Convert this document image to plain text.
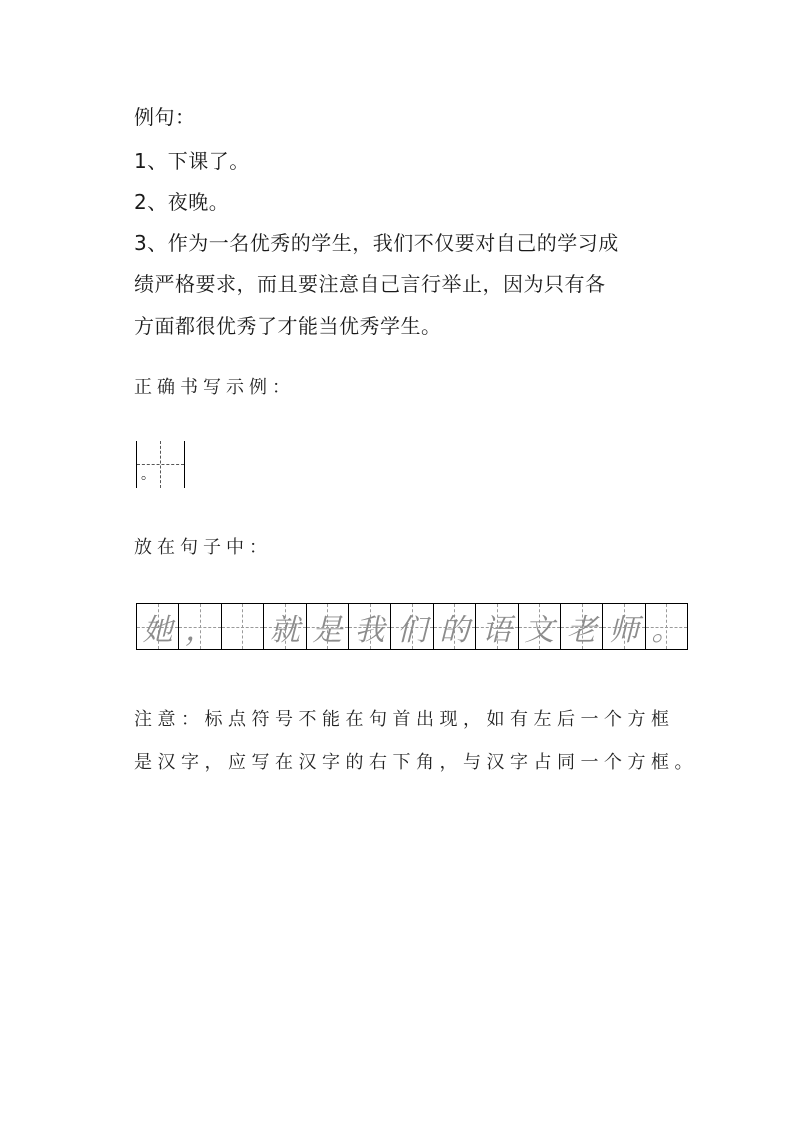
例句：
1、下课了。
2、夜晚。
3、作为一名优秀的学生，我们不仅要对自己的学习成
绩严格要求，而且要注意自己言行举止，因为只有各
方面都很优秀了才能当优秀学生。
正确书写示例：
。
放在句子中：
她 ， 就 是 我 们 的 语 文 老 师 。
注意：标点符号不能在句首出现，如有左后一个方框
是汉字，应写在汉字的右下角，与汉字占同一个方框。
